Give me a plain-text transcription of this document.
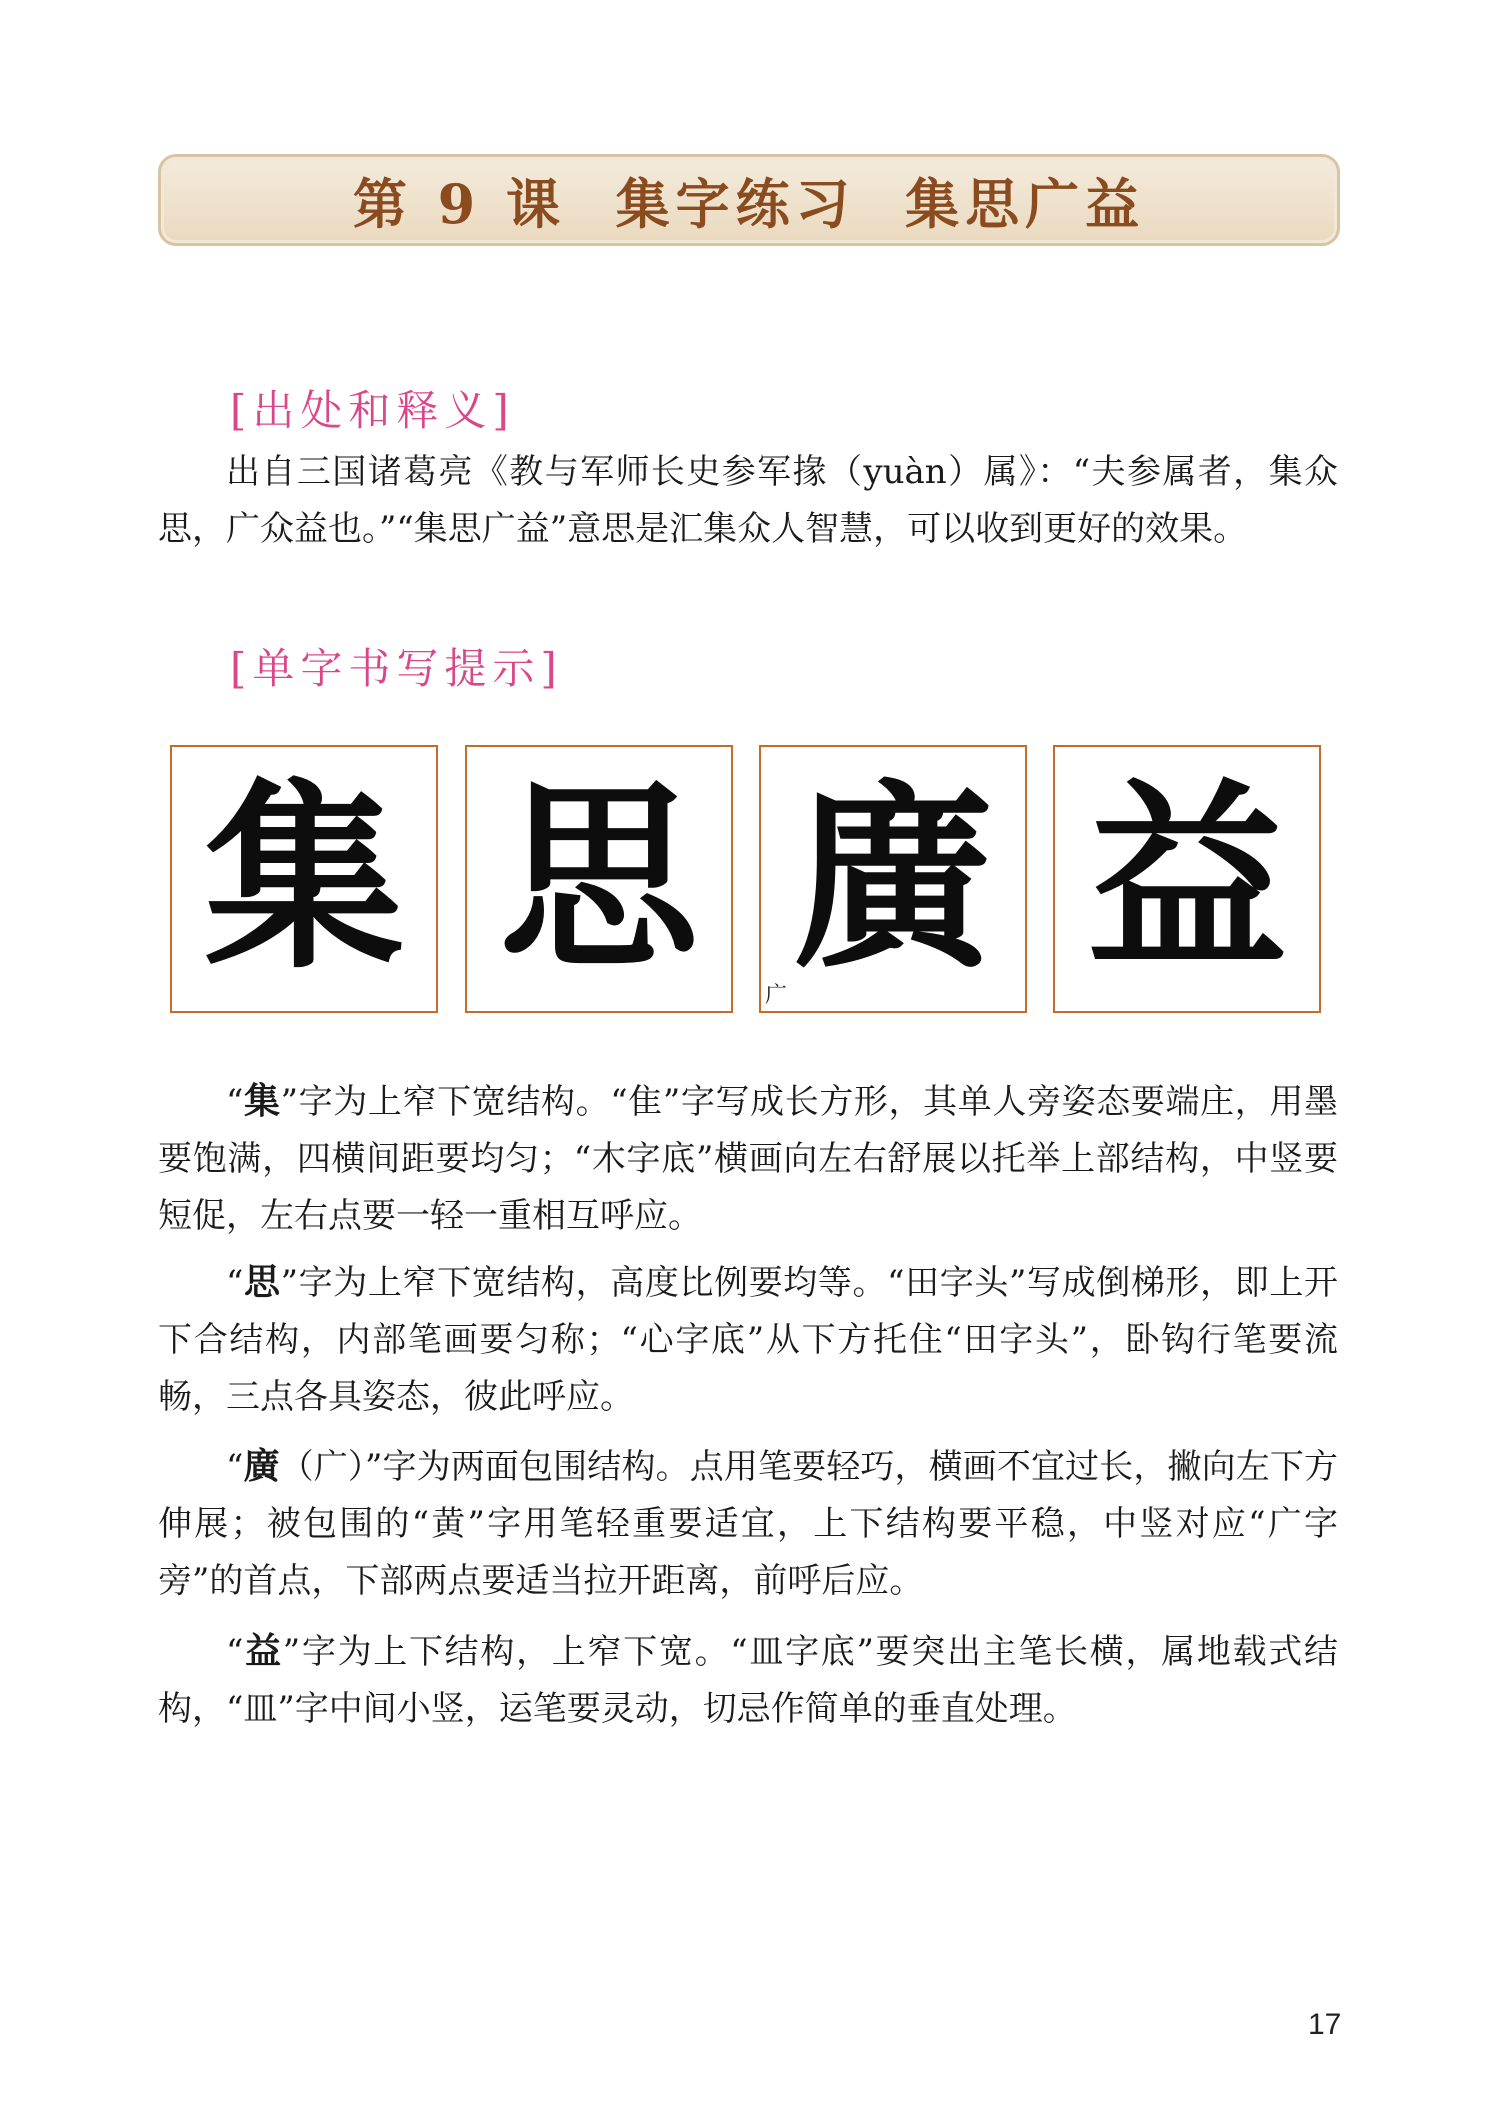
第 9 课  集字练习  集思广益
[出处和释义]
出自三国诸葛亮《教与军师长史参军掾（yuàn）属》：“夫参属者，集众思，广众益也。”“集思广益”意思是汇集众人智慧，可以收到更好的效果。
[单字书写提示]
集 思 廣
广 益
“集”字为上窄下宽结构。“隹”字写成长方形，其单人旁姿态要端庄，用墨要饱满，四横间距要均匀；“木字底”横画向左右舒展以托举上部结构，中竖要短促，左右点要一轻一重相互呼应。
“思”字为上窄下宽结构，高度比例要均等。“田字头”写成倒梯形，即上开下合结构，内部笔画要匀称；“心字底”从下方托住“田字头”，卧钩行笔要流畅，三点各具姿态，彼此呼应。
“廣（广）”字为两面包围结构。点用笔要轻巧，横画不宜过长，撇向左下方伸展；被包围的“黄”字用笔轻重要适宜，上下结构要平稳，中竖对应“广字旁”的首点，下部两点要适当拉开距离，前呼后应。
“益”字为上下结构，上窄下宽。“皿字底”要突出主笔长横，属地载式结构，“皿”字中间小竖，运笔要灵动，切忌作简单的垂直处理。
17
